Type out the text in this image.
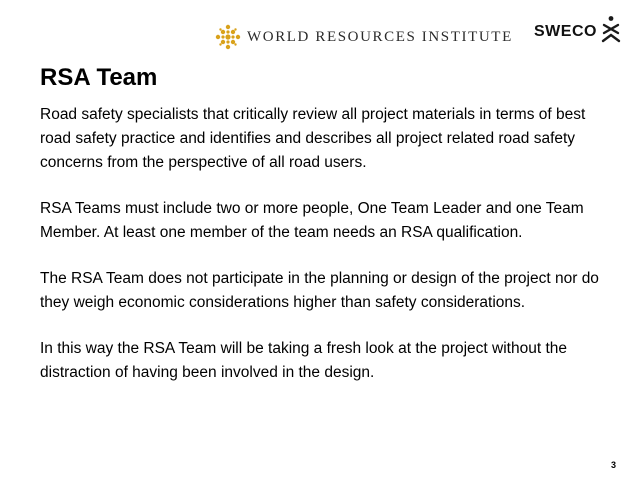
WORLD RESOURCES INSTITUTE SWECO
RSA Team

Road safety specialists that critically review all project materials in terms of best road safety practice and identifies and describes all project related road safety concerns from the perspective of all road users.

RSA Teams must include two or more people, One Team Leader and one Team Member. At least one member of the team needs an RSA qualification.

The RSA Team does not participate in the planning or design of the project nor do they weigh economic considerations higher than safety considerations.

In this way the RSA Team will be taking a fresh look at the project without the distraction of having been involved in the design.

3
